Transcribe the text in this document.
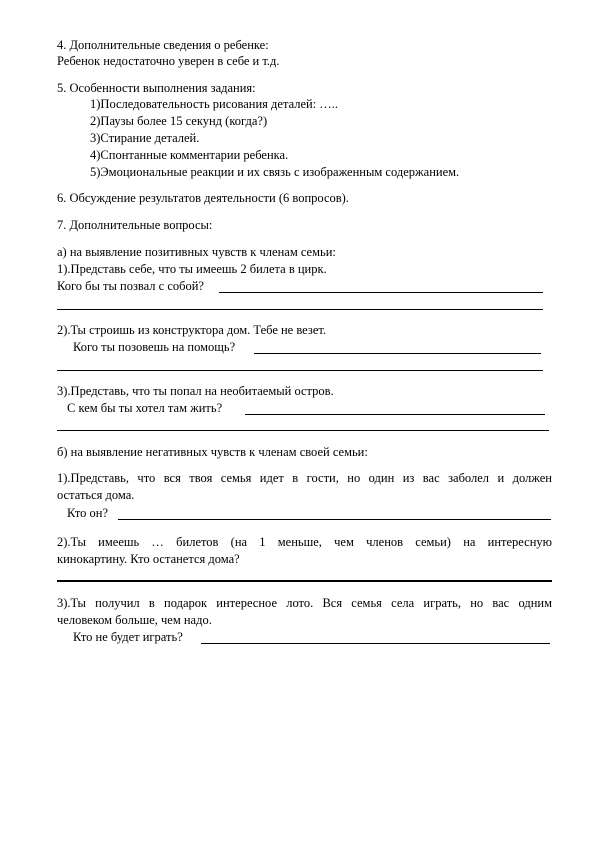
4. Дополнительные сведения о ребенке:
Ребенок недостаточно уверен в себе и т.д.
5. Особенности выполнения задания:
1)Последовательность рисования деталей: …..
2)Паузы более 15 секунд (когда?)
3)Стирание деталей.
4)Спонтанные комментарии ребенка.
5)Эмоциональные реакции и их связь с изображенным содержанием.
6. Обсуждение результатов деятельности (6 вопросов).
7. Дополнительные вопросы:
а) на выявление позитивных чувств к членам семьи:
1).Представь себе, что ты имеешь 2 билета в цирк.
Кого бы ты позвал с собой?
2).Ты строишь из конструктора дом. Тебе не везет.
Кого ты позовешь на помощь?
3).Представь, что ты попал на необитаемый остров.
С кем бы ты хотел там жить?
б) на выявление негативных чувств к членам своей семьи:
1).Представь, что вся твоя семья идет в гости, но один из вас заболел и должен
остаться дома.
Кто он?
2).Ты имеешь … билетов (на 1 меньше, чем членов семьи) на интересную
кинокартину. Кто останется дома?
3).Ты получил в подарок интересное лото. Вся семья села играть, но вас одним
человеком больше, чем надо.
Кто не будет играть?
